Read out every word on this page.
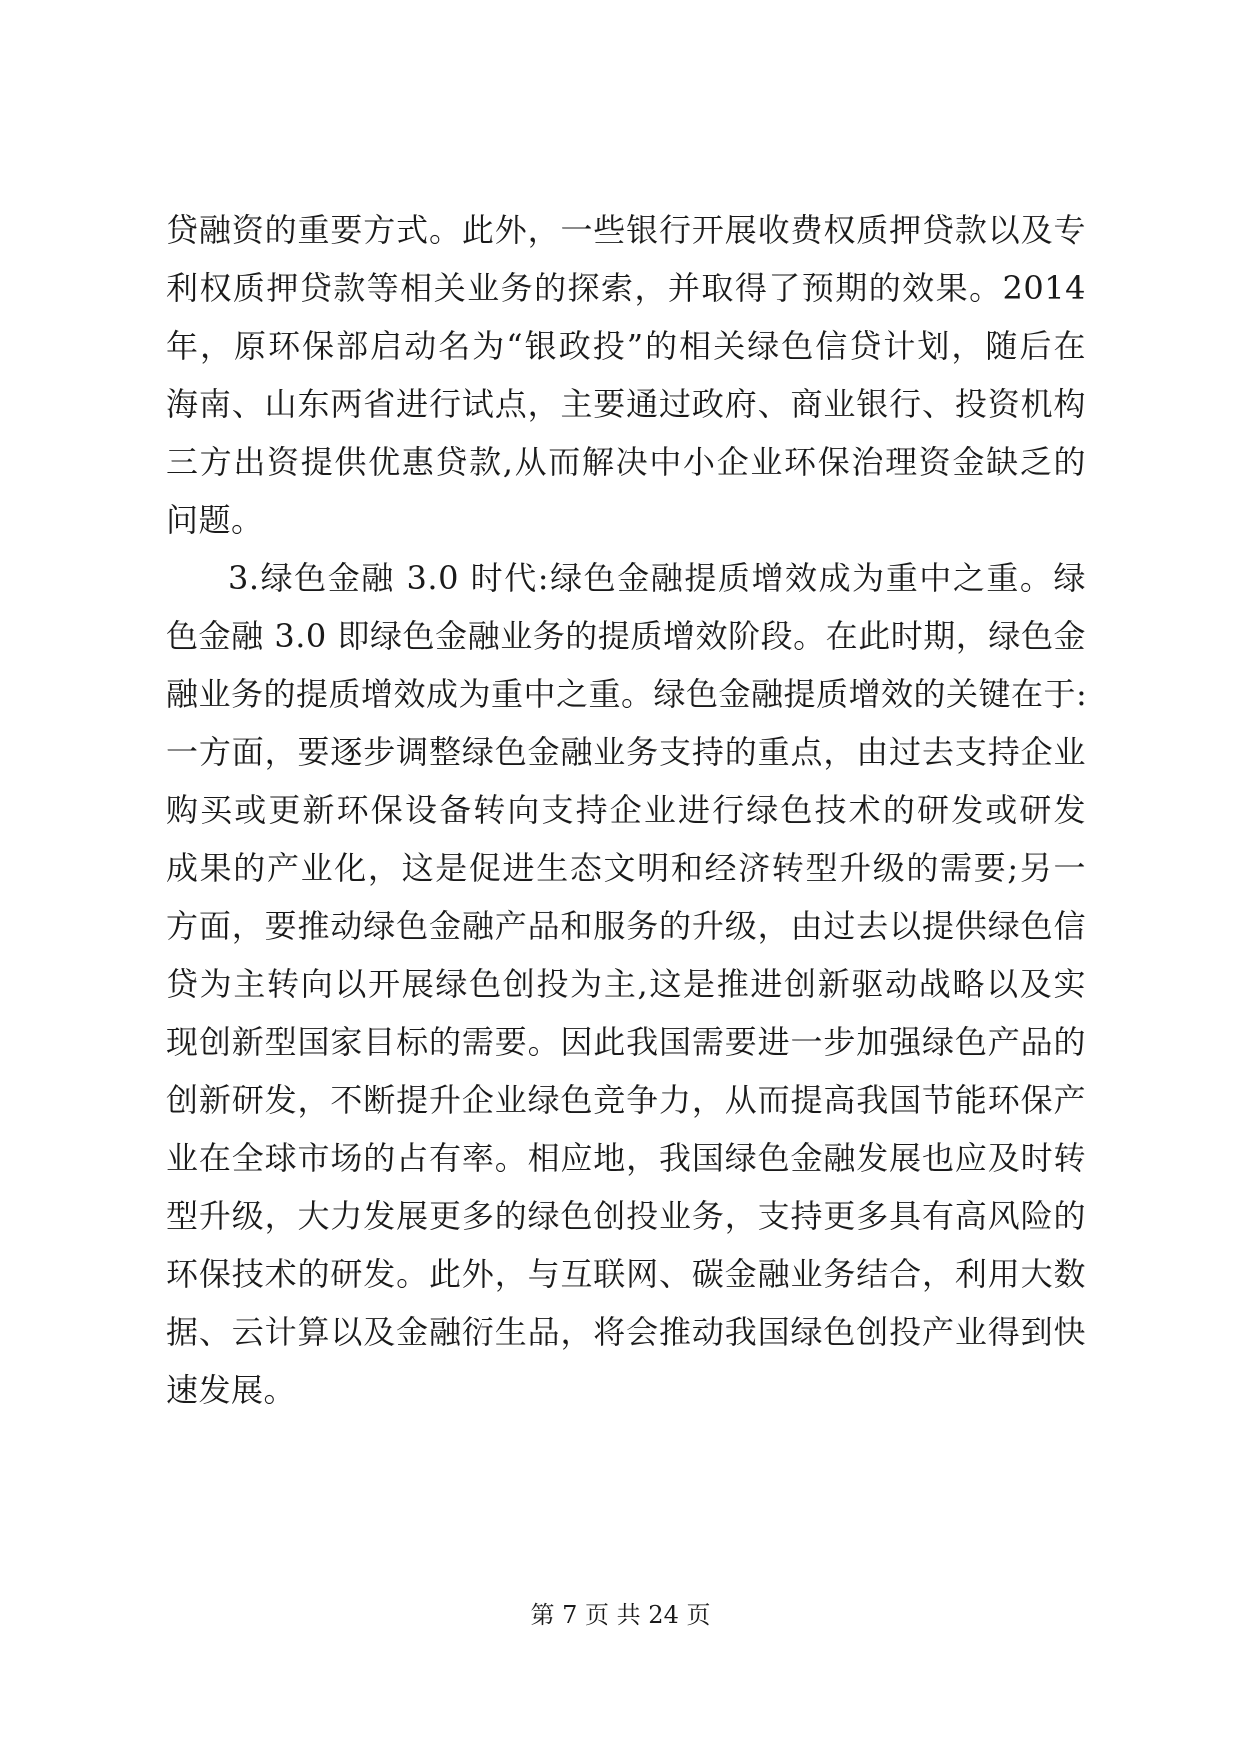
贷融资的重要方式。此外，一些银行开展收费权质押贷款以及专
利权质押贷款等相关业务的探索，并取得了预期的效果。2014
年，原环保部启动名为“银政投”的相关绿色信贷计划，随后在
海南、山东两省进行试点，主要通过政府、商业银行、投资机构
三方出资提供优惠贷款,从而解决中小企业环保治理资金缺乏的
问题。
3.绿色金融 3.0 时代:绿色金融提质增效成为重中之重。绿
色金融 3.0 即绿色金融业务的提质增效阶段。在此时期，绿色金
融业务的提质增效成为重中之重。绿色金融提质增效的关键在于:
一方面，要逐步调整绿色金融业务支持的重点，由过去支持企业
购买或更新环保设备转向支持企业进行绿色技术的研发或研发
成果的产业化，这是促进生态文明和经济转型升级的需要;另一
方面，要推动绿色金融产品和服务的升级，由过去以提供绿色信
贷为主转向以开展绿色创投为主,这是推进创新驱动战略以及实
现创新型国家目标的需要。因此我国需要进一步加强绿色产品的
创新研发，不断提升企业绿色竞争力，从而提高我国节能环保产
业在全球市场的占有率。相应地，我国绿色金融发展也应及时转
型升级，大力发展更多的绿色创投业务，支持更多具有高风险的
环保技术的研发。此外，与互联网、碳金融业务结合，利用大数
据、云计算以及金融衍生品，将会推动我国绿色创投产业得到快
速发展。
第 7 页 共 24 页
